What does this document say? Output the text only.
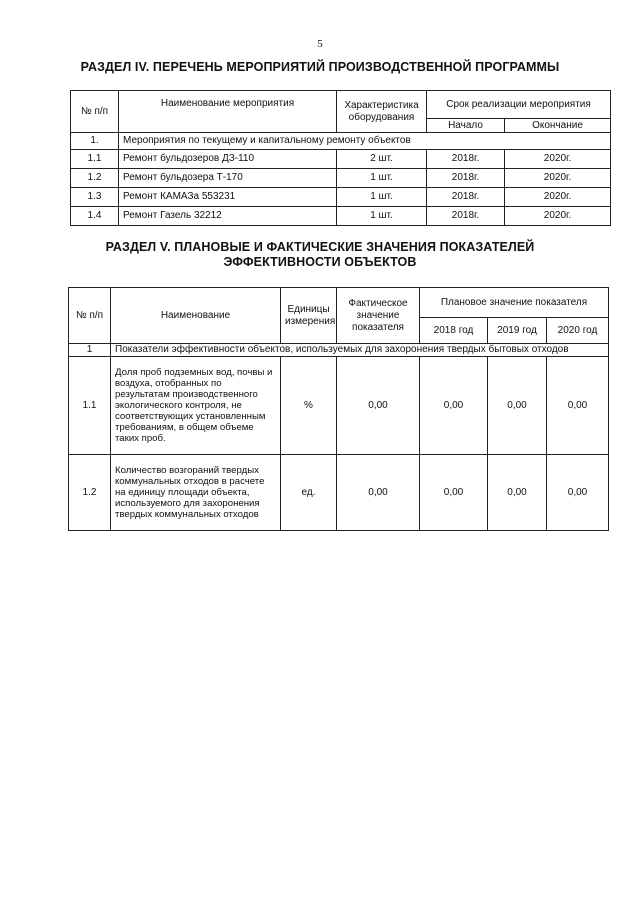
5
РАЗДЕЛ IV. ПЕРЕЧЕНЬ МЕРОПРИЯТИЙ ПРОИЗВОДСТВЕННОЙ ПРОГРАММЫ
№ п/п	Наименование мероприятия	Характеристика оборудования	Срок реализации мероприятия	
			Начало	Окончание
1.	Мероприятия по текущему и капитальному ремонту объектов			
1.1	Ремонт бульдозеров ДЗ-110	2 шт.	2018г.	2020г.
1.2	Ремонт бульдозера Т-170	1 шт.	2018г.	2020г.
1.3	Ремонт КАМАЗа 553231	1 шт.	2018г.	2020г.
1.4	Ремонт Газель 32212	1 шт.	2018г.	2020г.
РАЗДЕЛ V. ПЛАНОВЫЕ И ФАКТИЧЕСКИЕ ЗНАЧЕНИЯ ПОКАЗАТЕЛЕЙ
ЭФФЕКТИВНОСТИ ОБЪЕКТОВ
№ п/п	Наименование	Единицы измерения	Фактическое значение показателя	Плановое значение показателя		
				2018 год	2019 год	2020 год
1	Показатели эффективности объектов, используемых для захоронения твердых бытовых отходов					
1.1	Доля проб подземных вод, почвы и воздуха, отобранных по результатам производственного экологического контроля, не соответствующих установленным требованиям, в общем объеме таких проб.	%	0,00	0,00	0,00	0,00
1.2	Количество возгораний твердых коммунальных отходов в расчете на единицу площади объекта, используемого для захоронения твердых коммунальных отходов	ед.	0,00	0,00	0,00	0,00
